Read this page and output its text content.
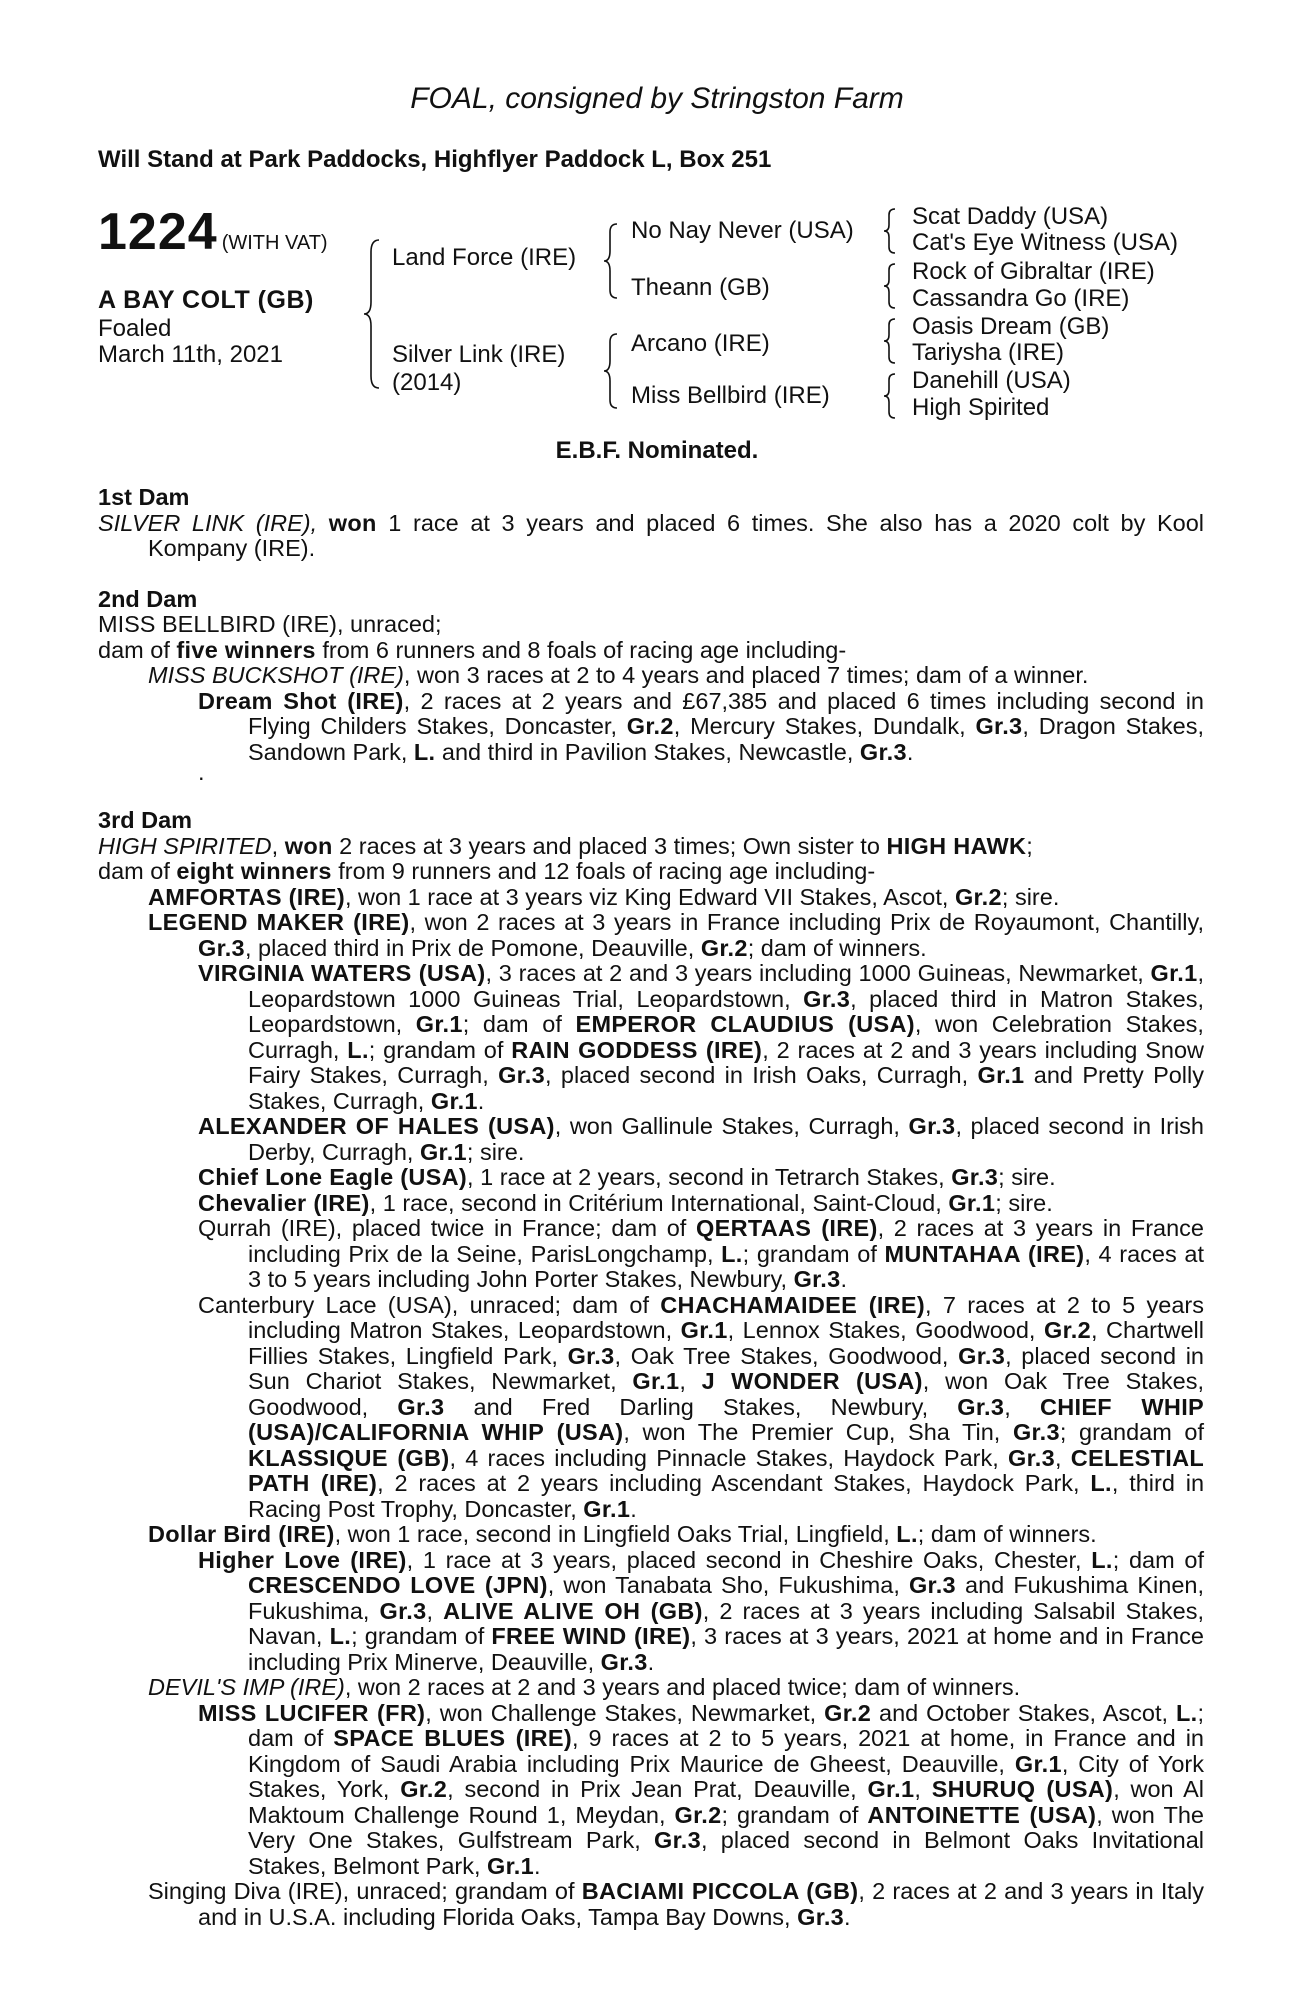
FOAL, consigned by Stringston Farm
Will Stand at Park Paddocks, Highflyer Paddock L, Box 251
1224 (WITH VAT)
A BAY COLT (GB)
Foaled
March 11th, 2021
Land Force (IRE)
Silver Link (IRE)
(2014)
No Nay Never (USA)
Theann (GB)
Arcano (IRE)
Miss Bellbird (IRE)
Scat Daddy (USA)
Cat's Eye Witness (USA)
Rock of Gibraltar (IRE)
Cassandra Go (IRE)
Oasis Dream (GB)
Tariysha (IRE)
Danehill (USA)
High Spirited
E.B.F. Nominated.
1st Dam
SILVER LINK (IRE), won 1 race at 3 years and placed 6 times. She also has a 2020 colt by Kool Kompany (IRE).
2nd Dam
MISS BELLBIRD (IRE), unraced;
dam of five winners from 6 runners and 8 foals of racing age including-
MISS BUCKSHOT (IRE), won 3 races at 2 to 4 years and placed 7 times; dam of a winner.
Dream Shot (IRE), 2 races at 2 years and £67,385 and placed 6 times including second in Flying Childers Stakes, Doncaster, Gr.2, Mercury Stakes, Dundalk, Gr.3, Dragon Stakes, Sandown Park, L. and third in Pavilion Stakes, Newcastle, Gr.3.
.
3rd Dam
HIGH SPIRITED, won 2 races at 3 years and placed 3 times; Own sister to HIGH HAWK;
dam of eight winners from 9 runners and 12 foals of racing age including-
AMFORTAS (IRE), won 1 race at 3 years viz King Edward VII Stakes, Ascot, Gr.2; sire.
LEGEND MAKER (IRE), won 2 races at 3 years in France including Prix de Royaumont, Chantilly, Gr.3, placed third in Prix de Pomone, Deauville, Gr.2; dam of winners.
VIRGINIA WATERS (USA), 3 races at 2 and 3 years including 1000 Guineas, Newmarket, Gr.1, Leopardstown 1000 Guineas Trial, Leopardstown, Gr.3, placed third in Matron Stakes, Leopardstown, Gr.1; dam of EMPEROR CLAUDIUS (USA), won Celebration Stakes, Curragh, L.; grandam of RAIN GODDESS (IRE), 2 races at 2 and 3 years including Snow Fairy Stakes, Curragh, Gr.3, placed second in Irish Oaks, Curragh, Gr.1 and Pretty Polly Stakes, Curragh, Gr.1.
ALEXANDER OF HALES (USA), won Gallinule Stakes, Curragh, Gr.3, placed second in Irish Derby, Curragh, Gr.1; sire.
Chief Lone Eagle (USA), 1 race at 2 years, second in Tetrarch Stakes, Gr.3; sire.
Chevalier (IRE), 1 race, second in Critérium International, Saint-Cloud, Gr.1; sire.
Qurrah (IRE), placed twice in France; dam of QERTAAS (IRE), 2 races at 3 years in France including Prix de la Seine, ParisLongchamp, L.; grandam of MUNTAHAA (IRE), 4 races at 3 to 5 years including John Porter Stakes, Newbury, Gr.3.
Canterbury Lace (USA), unraced; dam of CHACHAMAIDEE (IRE), 7 races at 2 to 5 years including Matron Stakes, Leopardstown, Gr.1, Lennox Stakes, Goodwood, Gr.2, Chartwell Fillies Stakes, Lingfield Park, Gr.3, Oak Tree Stakes, Goodwood, Gr.3, placed second in Sun Chariot Stakes, Newmarket, Gr.1, J WONDER (USA), won Oak Tree Stakes, Goodwood, Gr.3 and Fred Darling Stakes, Newbury, Gr.3, CHIEF WHIP (USA)/CALIFORNIA WHIP (USA), won The Premier Cup, Sha Tin, Gr.3; grandam of KLASSIQUE (GB), 4 races including Pinnacle Stakes, Haydock Park, Gr.3, CELESTIAL PATH (IRE), 2 races at 2 years including Ascendant Stakes, Haydock Park, L., third in Racing Post Trophy, Doncaster, Gr.1.
Dollar Bird (IRE), won 1 race, second in Lingfield Oaks Trial, Lingfield, L.; dam of winners.
Higher Love (IRE), 1 race at 3 years, placed second in Cheshire Oaks, Chester, L.; dam of CRESCENDO LOVE (JPN), won Tanabata Sho, Fukushima, Gr.3 and Fukushima Kinen, Fukushima, Gr.3, ALIVE ALIVE OH (GB), 2 races at 3 years including Salsabil Stakes, Navan, L.; grandam of FREE WIND (IRE), 3 races at 3 years, 2021 at home and in France including Prix Minerve, Deauville, Gr.3.
DEVIL'S IMP (IRE), won 2 races at 2 and 3 years and placed twice; dam of winners.
MISS LUCIFER (FR), won Challenge Stakes, Newmarket, Gr.2 and October Stakes, Ascot, L.; dam of SPACE BLUES (IRE), 9 races at 2 to 5 years, 2021 at home, in France and in Kingdom of Saudi Arabia including Prix Maurice de Gheest, Deauville, Gr.1, City of York Stakes, York, Gr.2, second in Prix Jean Prat, Deauville, Gr.1, SHURUQ (USA), won Al Maktoum Challenge Round 1, Meydan, Gr.2; grandam of ANTOINETTE (USA), won The Very One Stakes, Gulfstream Park, Gr.3, placed second in Belmont Oaks Invitational Stakes, Belmont Park, Gr.1.
Singing Diva (IRE), unraced; grandam of BACIAMI PICCOLA (GB), 2 races at 2 and 3 years in Italy and in U.S.A. including Florida Oaks, Tampa Bay Downs, Gr.3.
